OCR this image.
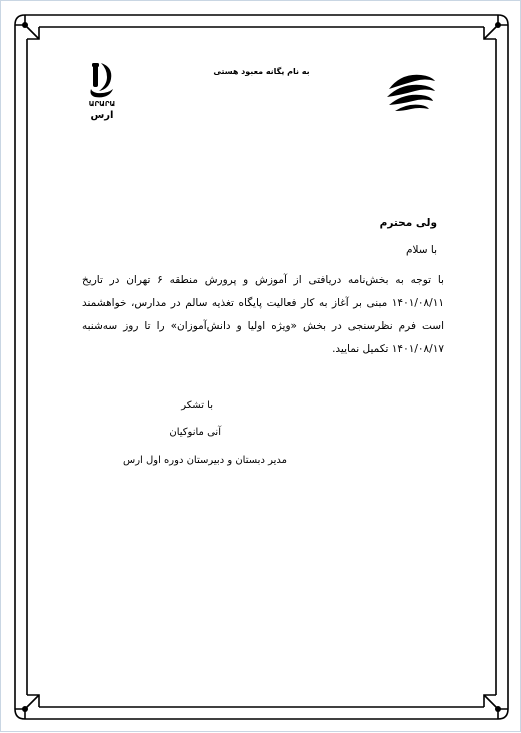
به نام یگانه معبود هستی
ԱՐԱՐԱ
ارس
ولی محترم
با سلام
با توجه به بخش‌نامه دریافتی از آموزش و پرورش منطقه ۶ تهران در تاریخ ۱۴۰۱/۰۸/۱۱ مبنی بر آغاز به کار فعالیت پایگاه تغذیه سالم در مدارس، خواهشمند است فرم نظرسنجی در بخش «ویژه اولیا و دانش‌آموزان» را تا روز سه‌شنبه ۱۴۰۱/۰۸/۱۷ تکمیل نمایید.
با تشکر
آنی مانوکیان
مدیر دبستان و دبیرستان دوره اول ارس
